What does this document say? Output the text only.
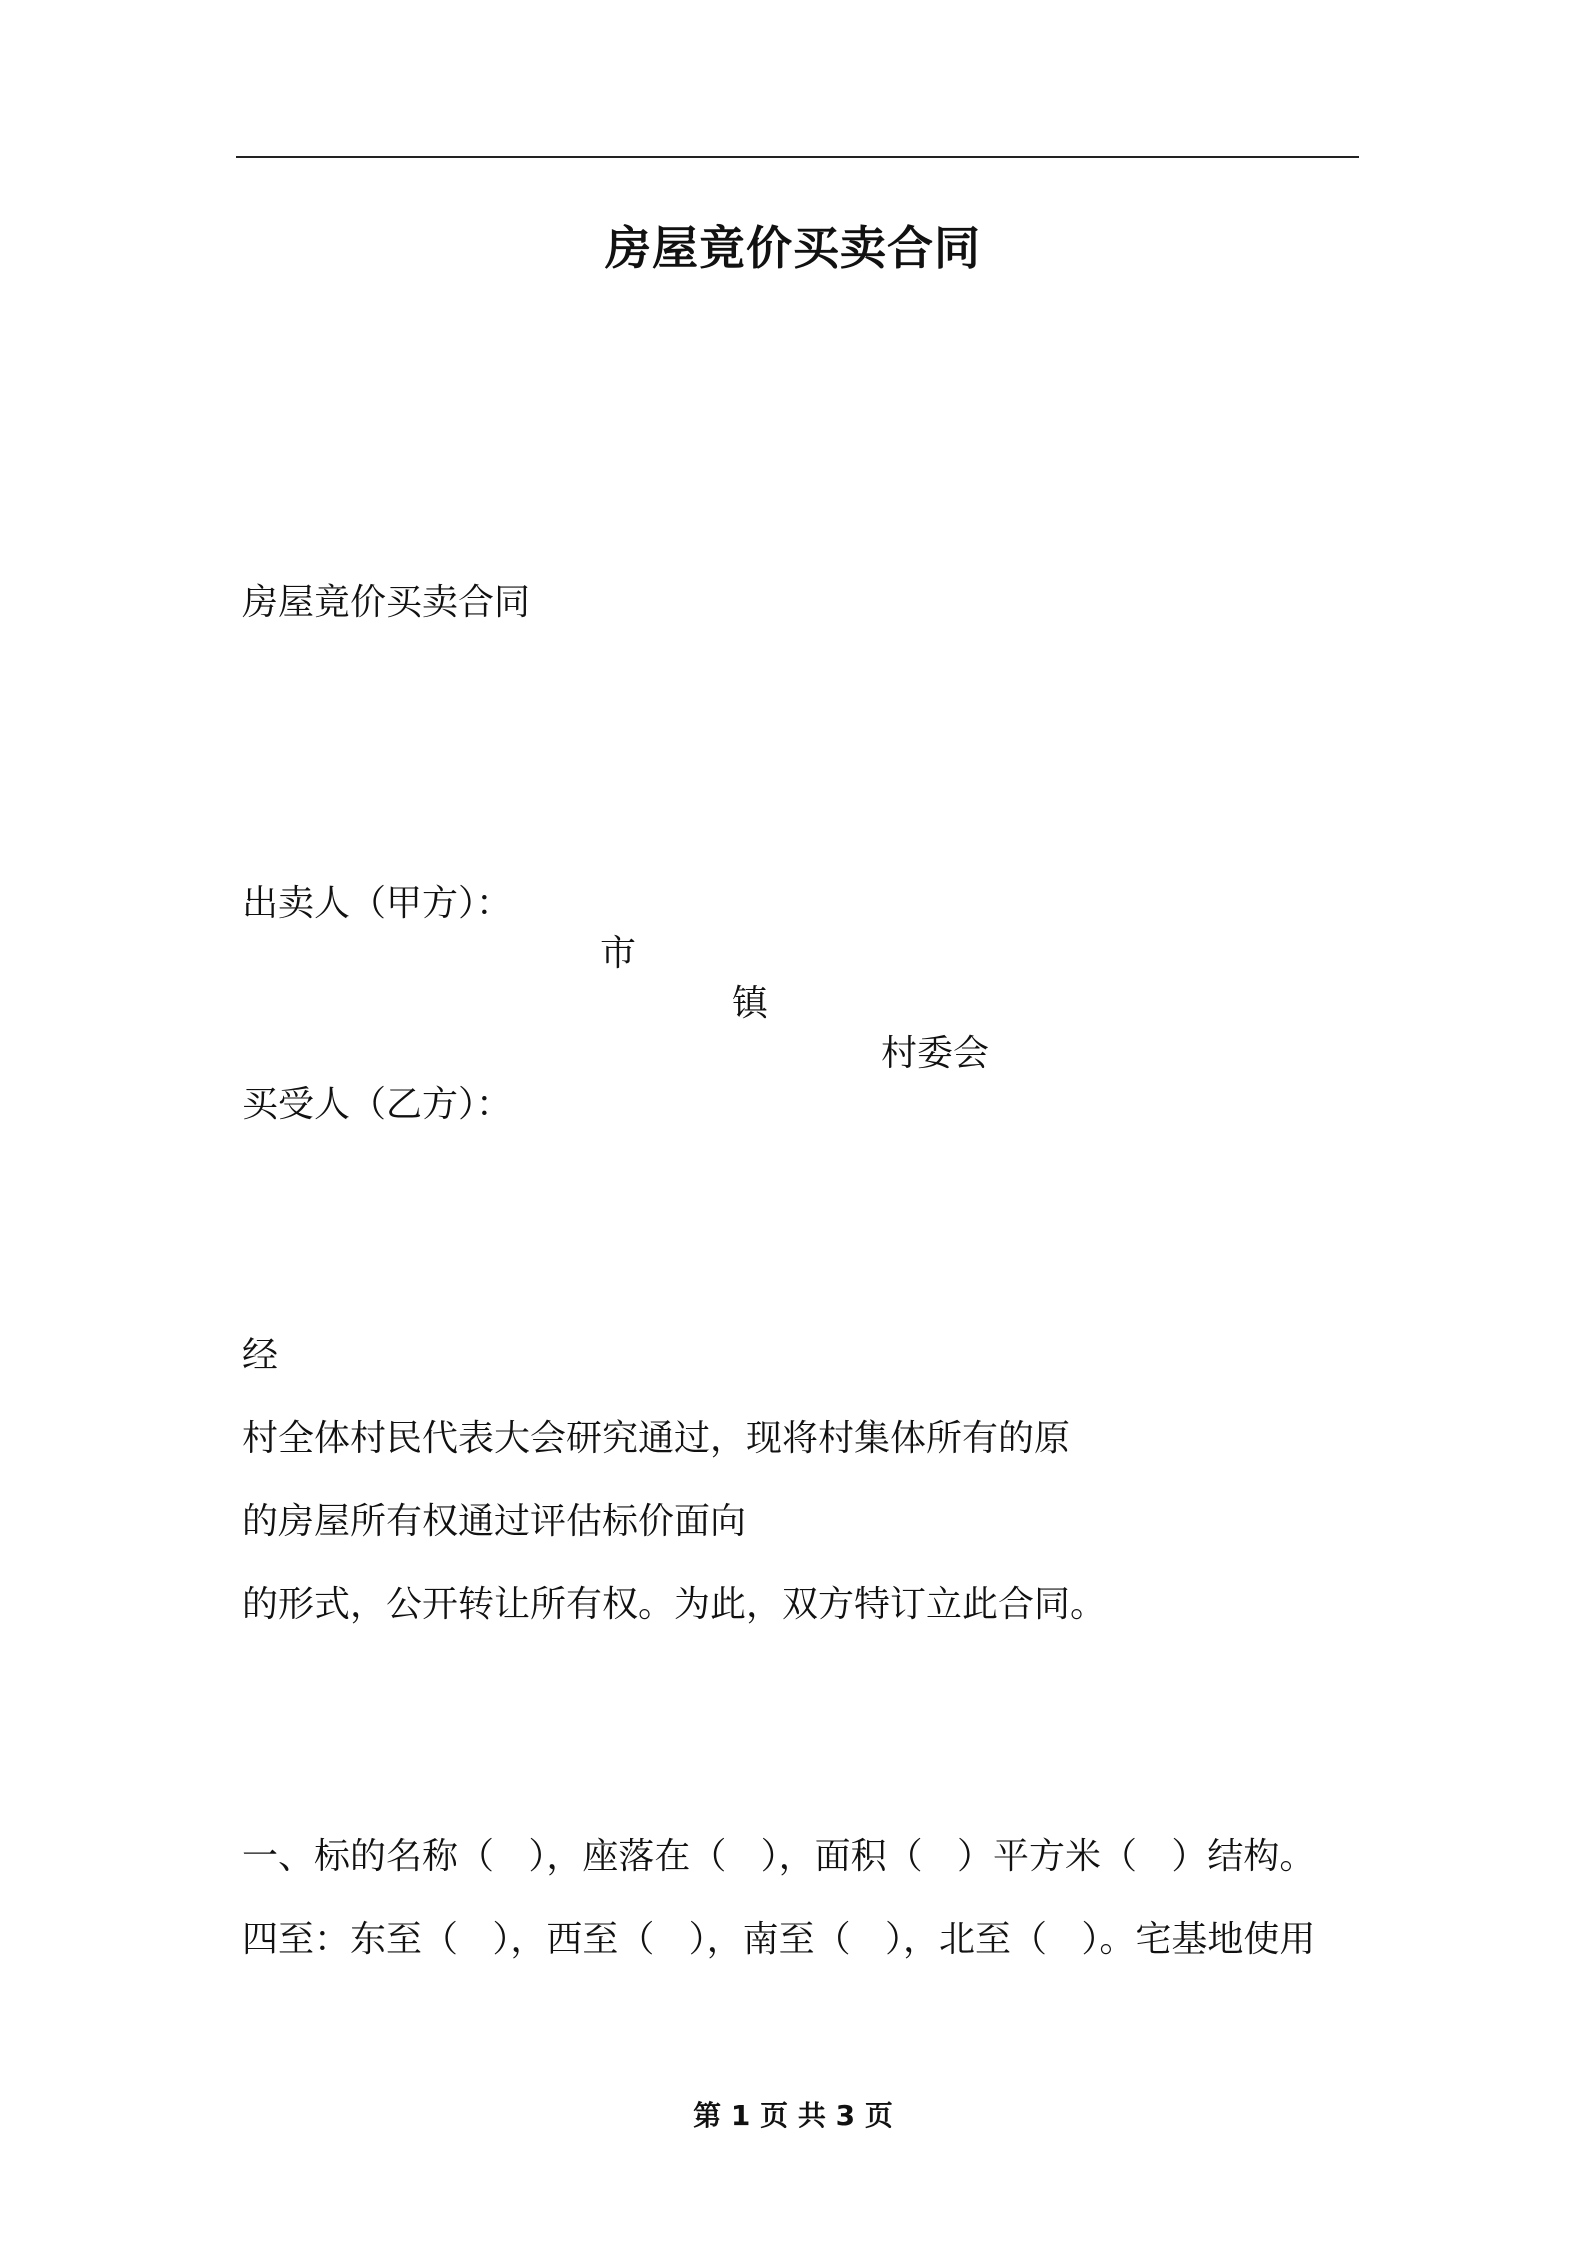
房屋竟价买卖合同
房屋竟价买卖合同

出卖人（甲方）：

市

镇

村委会

买受人（乙方）：
经
村全体村民代表大会研究通过，现将村集体所有的原
的房屋所有权通过评估标价面向
的形式，公开转让所有权。为此，双方特订立此合同。
一、标的名称（   ），座落在（   ），面积（   ）平方米（   ）结构。
四至：东至（   ），西至（   ），南至（   ），北至（   ）。宅基地使用
第 1 页 共 3 页
